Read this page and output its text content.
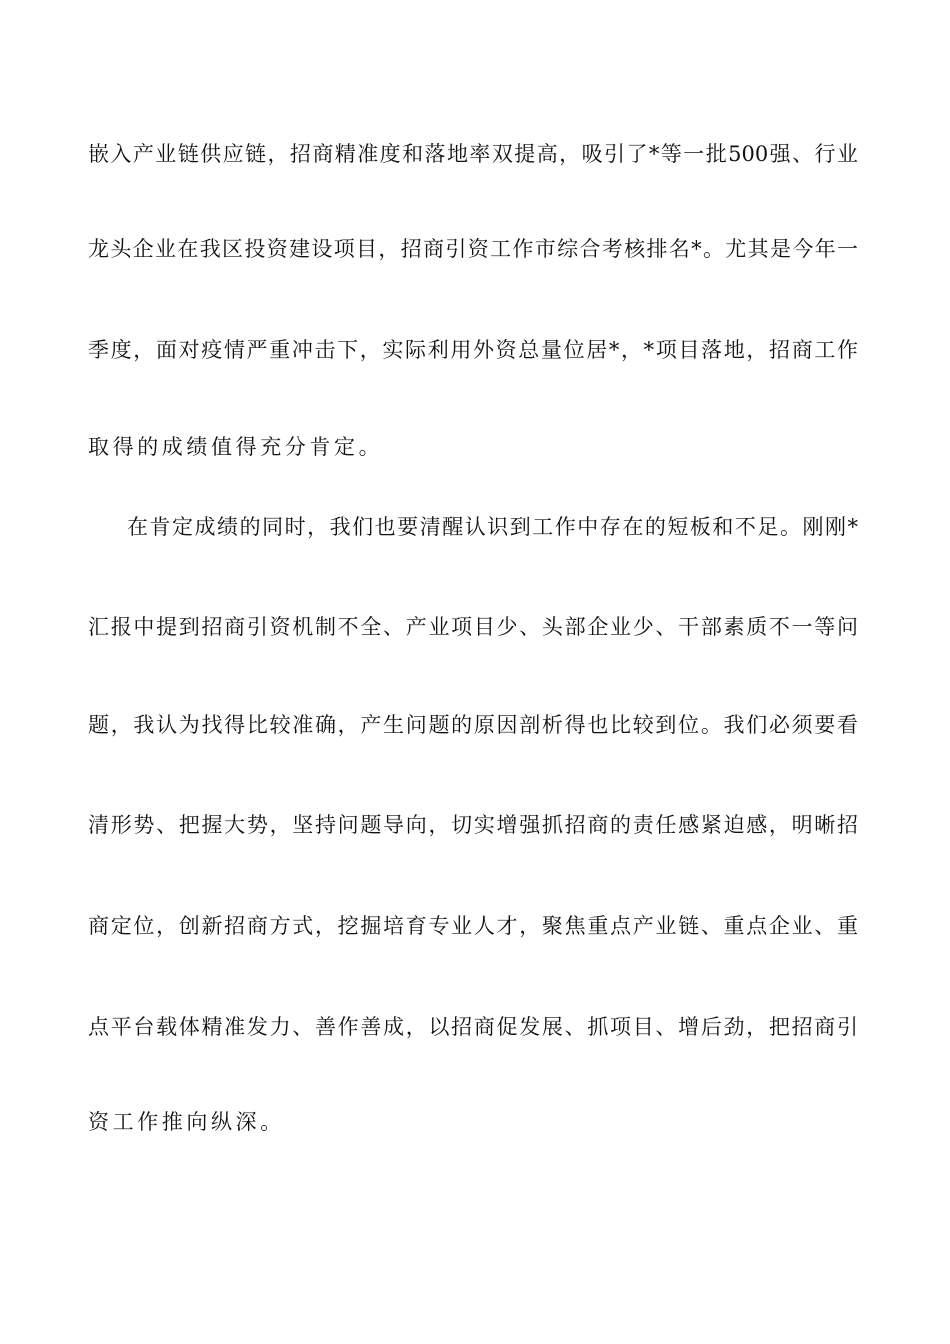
嵌入产业链供应链，招商精准度和落地率双提高，吸引了*等一批500强、行业
龙头企业在我区投资建设项目，招商引资工作市综合考核排名*。尤其是今年一
季度，面对疫情严重冲击下，实际利用外资总量位居*，*项目落地，招商工作
取得的成绩值得充分肯定。
在肯定成绩的同时，我们也要清醒认识到工作中存在的短板和不足。刚刚*
汇报中提到招商引资机制不全、产业项目少、头部企业少、干部素质不一等问
题，我认为找得比较准确，产生问题的原因剖析得也比较到位。我们必须要看
清形势、把握大势，坚持问题导向，切实增强抓招商的责任感紧迫感，明晰招
商定位，创新招商方式，挖掘培育专业人才，聚焦重点产业链、重点企业、重
点平台载体精准发力、善作善成，以招商促发展、抓项目、增后劲，把招商引
资工作推向纵深。
